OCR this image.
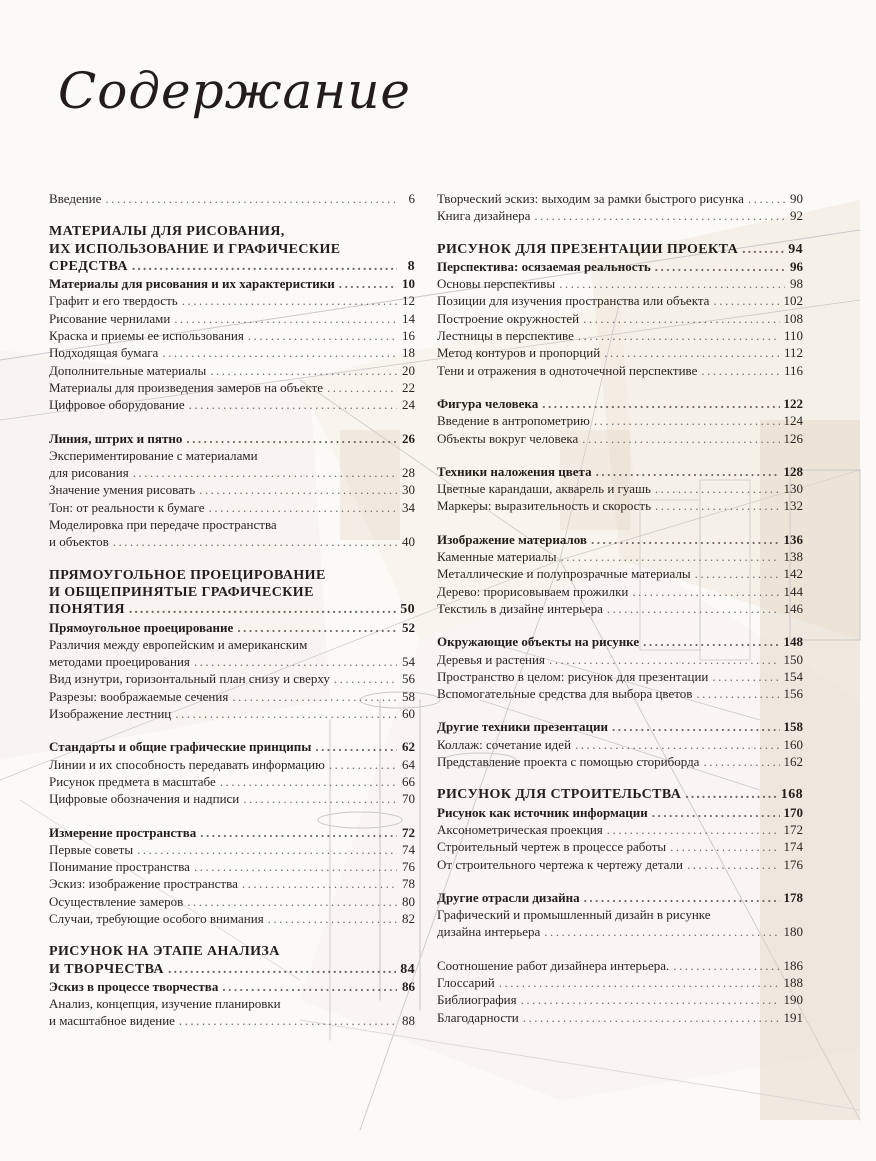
Содержание
Введение .....	6
МАТЕРИАЛЫ ДЛЯ РИСОВАНИЯ,
ИХ ИСПОЛЬЗОВАНИЕ И ГРАФИЧЕСКИЕ
СРЕДСТВА .....	8
Материалы для рисования и их характеристики .....	10
Графит и его твердость .....	12
Рисование чернилами .....	14
Краска и приемы ее использования .....	16
Подходящая бумага .....	18
Дополнительные материалы .....	20
Материалы для произведения замеров на объекте .....	22
Цифровое оборудование .....	24
Линия, штрих и пятно .....	26
Экспериментирование с материалами
для рисования .....	28
Значение умения рисовать .....	30
Тон: от реальности к бумаге .....	34
Моделировка при передаче пространства
и объектов .....	40
ПРЯМОУГОЛЬНОЕ ПРОЕЦИРОВАНИЕ
И ОБЩЕПРИНЯТЫЕ ГРАФИЧЕСКИЕ
ПОНЯТИЯ .....	50
Прямоугольное проецирование .....	52
Различия между европейским и американским
методами проецирования .....	54
Вид изнутри, горизонтальный план снизу и сверху .....	56
Разрезы: воображаемые сечения .....	58
Изображение лестниц .....	60
Стандарты и общие графические принципы .....	62
Линии и их способность передавать информацию .....	64
Рисунок предмета в масштабе .....	66
Цифровые обозначения и надписи .....	70
Измерение пространства .....	72
Первые советы .....	74
Понимание пространства .....	76
Эскиз: изображение пространства .....	78
Осуществление замеров .....	80
Случаи, требующие особого внимания .....	82
РИСУНОК НА ЭТАПЕ АНАЛИЗА
И ТВОРЧЕСТВА .....	84
Эскиз в процессе творчества .....	86
Анализ, концепция, изучение планировки
и масштабное видение .....	88
Творческий эскиз: выходим за рамки быстрого рисунка .....	90
Книга дизайнера .....	92
РИСУНОК ДЛЯ ПРЕЗЕНТАЦИИ ПРОЕКТА .....	94
Перспектива: осязаемая реальность .....	96
Основы перспективы .....	98
Позиции для изучения пространства или объекта .....	102
Построение окружностей .....	108
Лестницы в перспективе .....	110
Метод контуров и пропорций .....	112
Тени и отражения в одноточечной перспективе .....	116
Фигура человека .....	122
Введение в антропометрию .....	124
Объекты вокруг человека .....	126
Техники наложения цвета .....	128
Цветные карандаши, акварель и гуашь .....	130
Маркеры: выразительность и скорость .....	132
Изображение материалов .....	136
Каменные материалы .....	138
Металлические и полупрозрачные материалы .....	142
Дерево: прорисовываем прожилки .....	144
Текстиль в дизайне интерьера .....	146
Окружающие объекты на рисунке .....	148
Деревья и растения .....	150
Пространство в целом: рисунок для презентации .....	154
Вспомогательные средства для выбора цветов .....	156
Другие техники презентации .....	158
Коллаж: сочетание идей .....	160
Представление проекта с помощью сториборда .....	162
РИСУНОК ДЛЯ СТРОИТЕЛЬСТВА .....	168
Рисунок как источник информации .....	170
Аксонометрическая проекция .....	172
Строительный чертеж в процессе работы .....	174
От строительного чертежа к чертежу детали .....	176
Другие отрасли дизайна .....	178
Графический и промышленный дизайн в рисунке
дизайна интерьера .....	180
Соотношение работ дизайнера интерьера. .....	186
Глоссарий .....	188
Библиография .....	190
Благодарности .....	191
